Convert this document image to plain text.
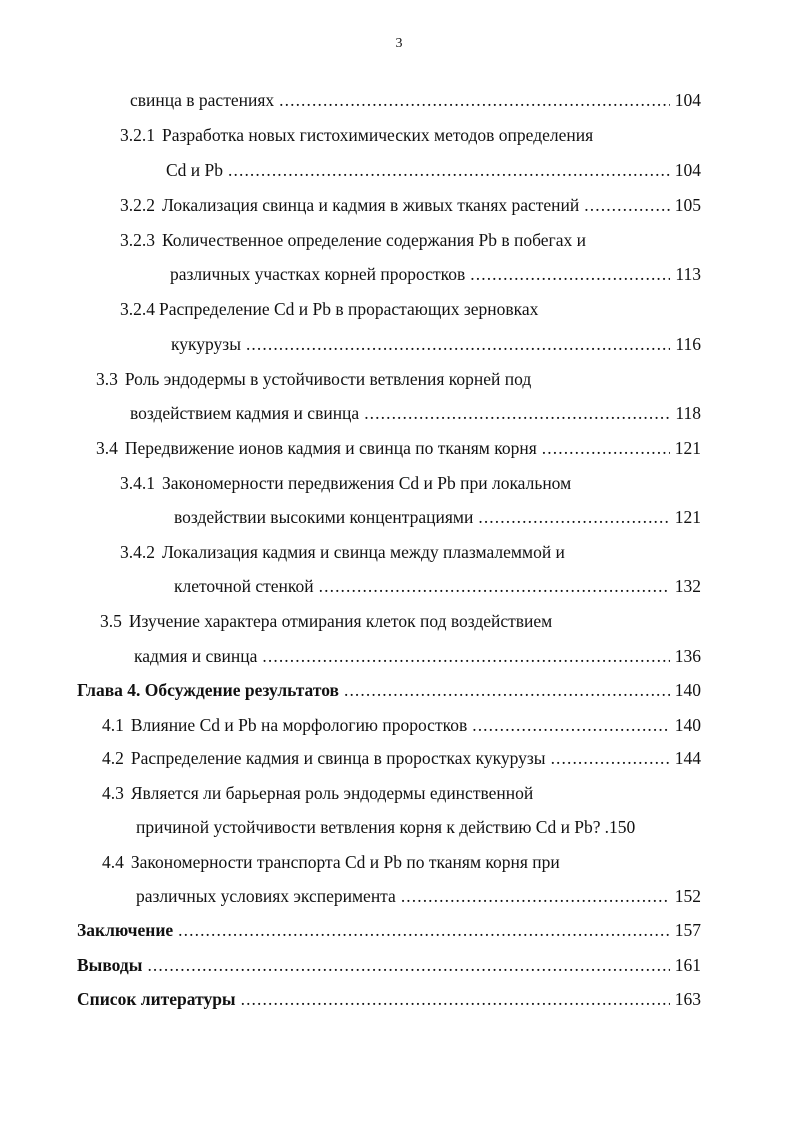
3
свинца в растениях .....	104
3.2.1 Разработка новых гистохимических методов определения
Cd и Pb .....	104
3.2.2 Локализация свинца и кадмия в живых тканях растений .....	105
3.2.3 Количественное определение содержания Pb в побегах и
различных участках корней проростков .....	113
3.2.4 Распределение Cd и Pb в прорастающих зерновках
кукурузы .....	116
3.3 Роль эндодермы в устойчивости ветвления корней под
воздействием кадмия и свинца .....	118
3.4 Передвижение ионов кадмия и свинца по тканям корня .....	121
3.4.1 Закономерности передвижения Cd и Pb при локальном
воздействии высокими концентрациями .....	121
3.4.2 Локализация кадмия и свинца между плазмалеммой и
клеточной стенкой .....	132
3.5 Изучение характера отмирания клеток под воздействием
кадмия и свинца .....	136
Глава 4. Обсуждение результатов .....	140
4.1 Влияние Cd и Pb на морфологию проростков .....	140
4.2 Распределение кадмия и свинца в проростках кукурузы .....	144
4.3 Является ли барьерная роль эндодермы единственной
причиной устойчивости ветвления корня к действию Cd и Pb? .150
4.4 Закономерности транспорта Cd и Pb по тканям корня при
различных условиях эксперимента .....	152
Заключение .....	157
Выводы .....	161
Список литературы .....	163
